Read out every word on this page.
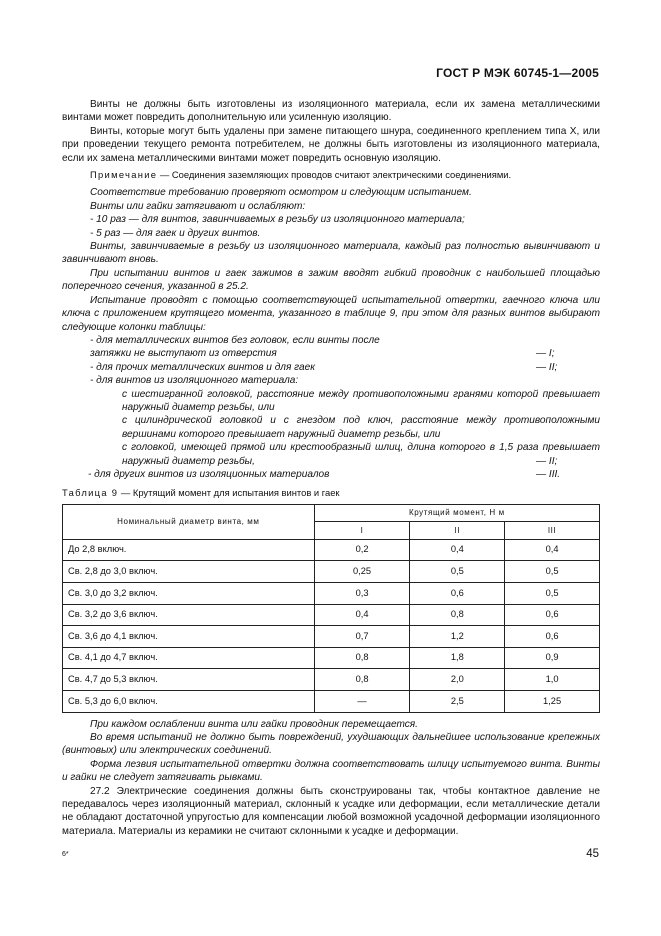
ГОСТ Р МЭК 60745-1—2005

Винты не должны быть изготовлены из изоляционного материала, если их замена металлическими винтами может повредить дополнительную или усиленную изоляцию.

Винты, которые могут быть удалены при замене питающего шнура, соединенного креплением типа X, или при проведении текущего ремонта потребителем, не должны быть изготовлены из изоляционного материала, если их замена металлическими винтами может повредить основную изоляцию.

Примечание — Соединения заземляющих проводов считают электрическими соединениями.

Соответствие требованию проверяют осмотром и следующим испытанием.

Винты или гайки затягивают и ослабляют:

- 10 раз — для винтов, завинчиваемых в резьбу из изоляционного материала;

- 5 раз — для гаек и других винтов.

Винты, завинчиваемые в резьбу из изоляционного материала, каждый раз полностью вывинчивают и завинчивают вновь.

При испытании винтов и гаек зажимов в зажим вводят гибкий проводник с наибольшей площадью поперечного сечения, указанной в 25.2.

Испытание проводят с помощью соответствующей испытательной отвертки, гаечного ключа или ключа с приложением крутящего момента, указанного в таблице 9, при этом для разных винтов выбирают следующие колонки таблицы:

- для металлических винтов без головок, если винты после

затяжки не выступают из отверстия	— I;

- для прочих металлических винтов и для гаек	— II;

- для винтов из изоляционного материала:

с шестигранной головкой, расстояние между противоположными гранями которой превышает наружный диаметр резьбы, или

с цилиндрической головкой и с гнездом под ключ, расстояние между противоположными вершинами которого превышает наружный диаметр резьбы, или

с головкой, имеющей прямой или крестообразный шлиц, длина которого в 1,5 раза превышает наружный диаметр резьбы,	— II;

- для других винтов из изоляционных материалов	— III.

Таблица 9 — Крутящий момент для испытания винтов и гаек

Номинальный диаметр винта, мм	Крутящий момент, Н м		
	I	II	III
До 2,8 включ.	0,2	0,4	0,4
Св. 2,8 до 3,0 включ.	0,25	0,5	0,5
Св. 3,0 до 3,2 включ.	0,3	0,6	0,5
Св. 3,2 до 3,6 включ.	0,4	0,8	0,6
Св. 3,6 до 4,1 включ.	0,7	1,2	0,6
Св. 4,1 до 4,7 включ.	0,8	1,8	0,9
Св. 4,7 до 5,3 включ.	0,8	2,0	1,0
Св. 5,3 до 6,0 включ.	—	2,5	1,25

При каждом ослаблении винта или гайки проводник перемещается.

Во время испытаний не должно быть повреждений, ухудшающих дальнейшее использование крепежных (винтовых) или электрических соединений.

Форма лезвия испытательной отвертки должна соответствовать шлицу испытуемого винта. Винты и гайки не следует затягивать рывками.

27.2 Электрические соединения должны быть сконструированы так, чтобы контактное давление не передавалось через изоляционный материал, склонный к усадке или деформации, если металлические детали не обладают достаточной упругостью для компенсации любой возможной усадочной деформации изоляционного материала. Материалы из керамики не считают склонными к усадке и деформации.

6*	45
